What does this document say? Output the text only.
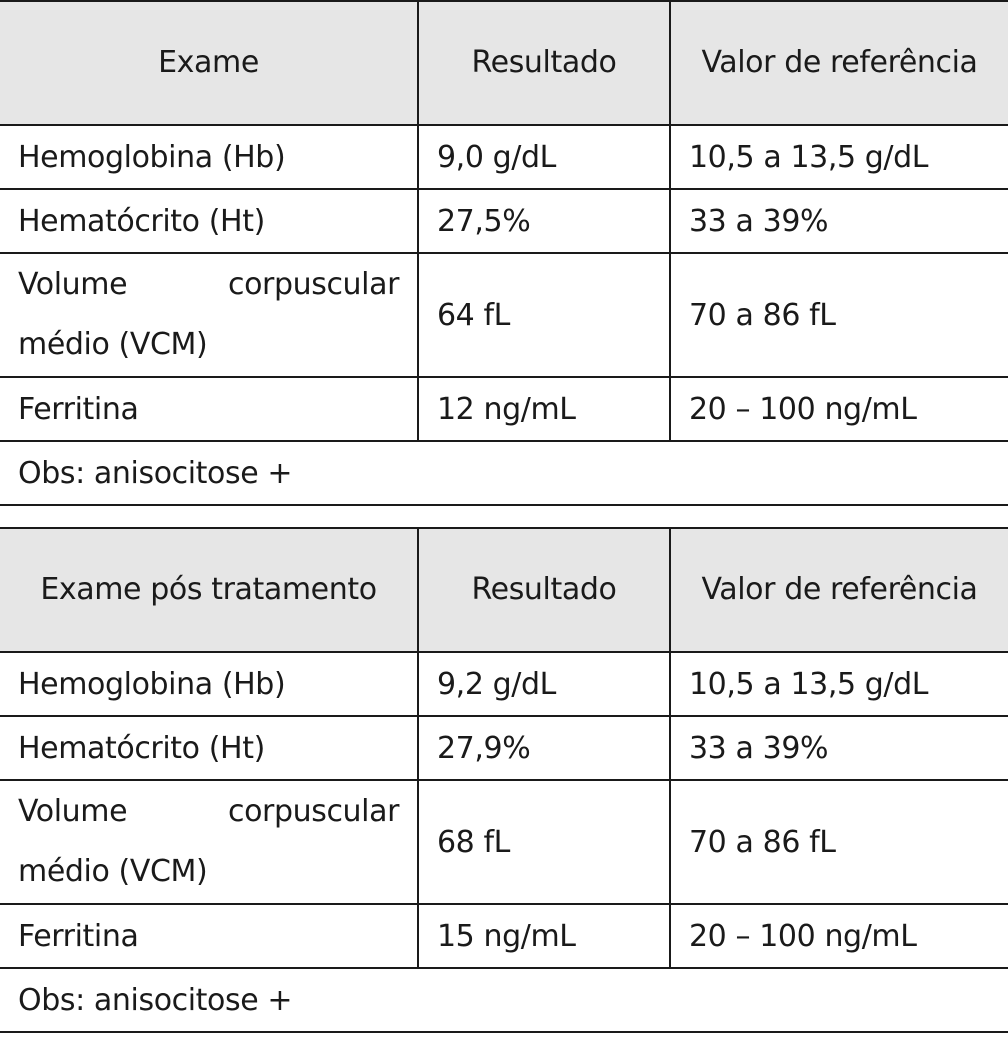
Exame	Resultado	Valor de referência
Hemoglobina (Hb)	9,0 g/dL	10,5 a 13,5 g/dL
Hematócrito (Ht)	27,5%	33 a 39%
Volume corpuscular médio (VCM)	64 fL	70 a 86 fL
Ferritina	12 ng/mL	20 – 100 ng/mL
Obs: anisocitose +		
Exame pós tratamento	Resultado	Valor de referência
Hemoglobina (Hb)	9,2 g/dL	10,5 a 13,5 g/dL
Hematócrito (Ht)	27,9%	33 a 39%
Volume corpuscular médio (VCM)	68 fL	70 a 86 fL
Ferritina	15 ng/mL	20 – 100 ng/mL
Obs: anisocitose +		
